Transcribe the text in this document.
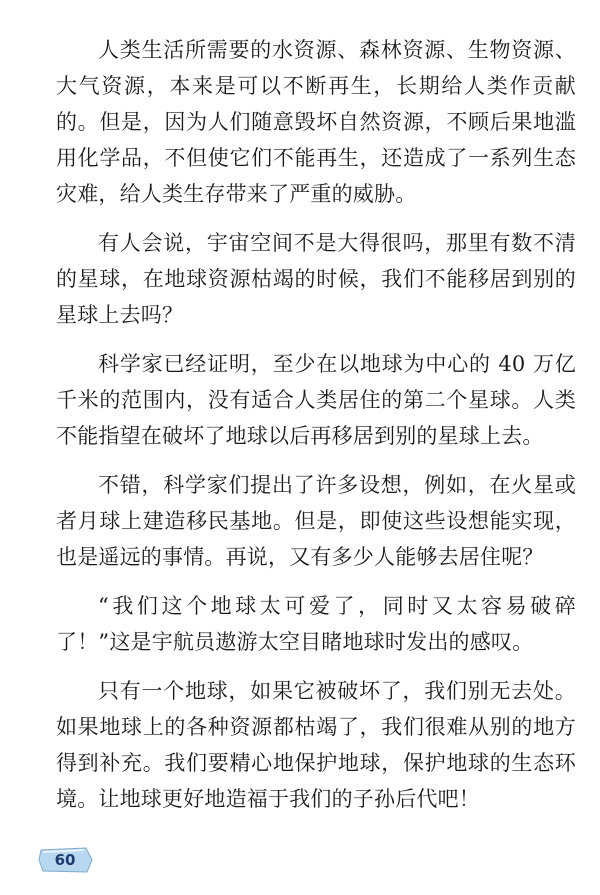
人类生活所需要的水资源、森林资源、生物资源、大气资源，本来是可以不断再生，长期给人类作贡献的。但是，因为人们随意毁坏自然资源，不顾后果地滥用化学品，不但使它们不能再生，还造成了一系列生态灾难，给人类生存带来了严重的威胁。

有人会说，宇宙空间不是大得很吗，那里有数不清的星球，在地球资源枯竭的时候，我们不能移居到别的星球上去吗？

科学家已经证明，至少在以地球为中心的 40 万亿千米的范围内，没有适合人类居住的第二个星球。人类不能指望在破坏了地球以后再移居到别的星球上去。

不错，科学家们提出了许多设想，例如，在火星或者月球上建造移民基地。但是，即使这些设想能实现，也是遥远的事情。再说，又有多少人能够去居住呢？

“我们这个地球太可爱了，同时又太容易破碎了！”这是宇航员遨游太空目睹地球时发出的感叹。

只有一个地球，如果它被破坏了，我们别无去处。如果地球上的各种资源都枯竭了，我们很难从别的地方得到补充。我们要精心地保护地球，保护地球的生态环境。让地球更好地造福于我们的子孙后代吧！

60
